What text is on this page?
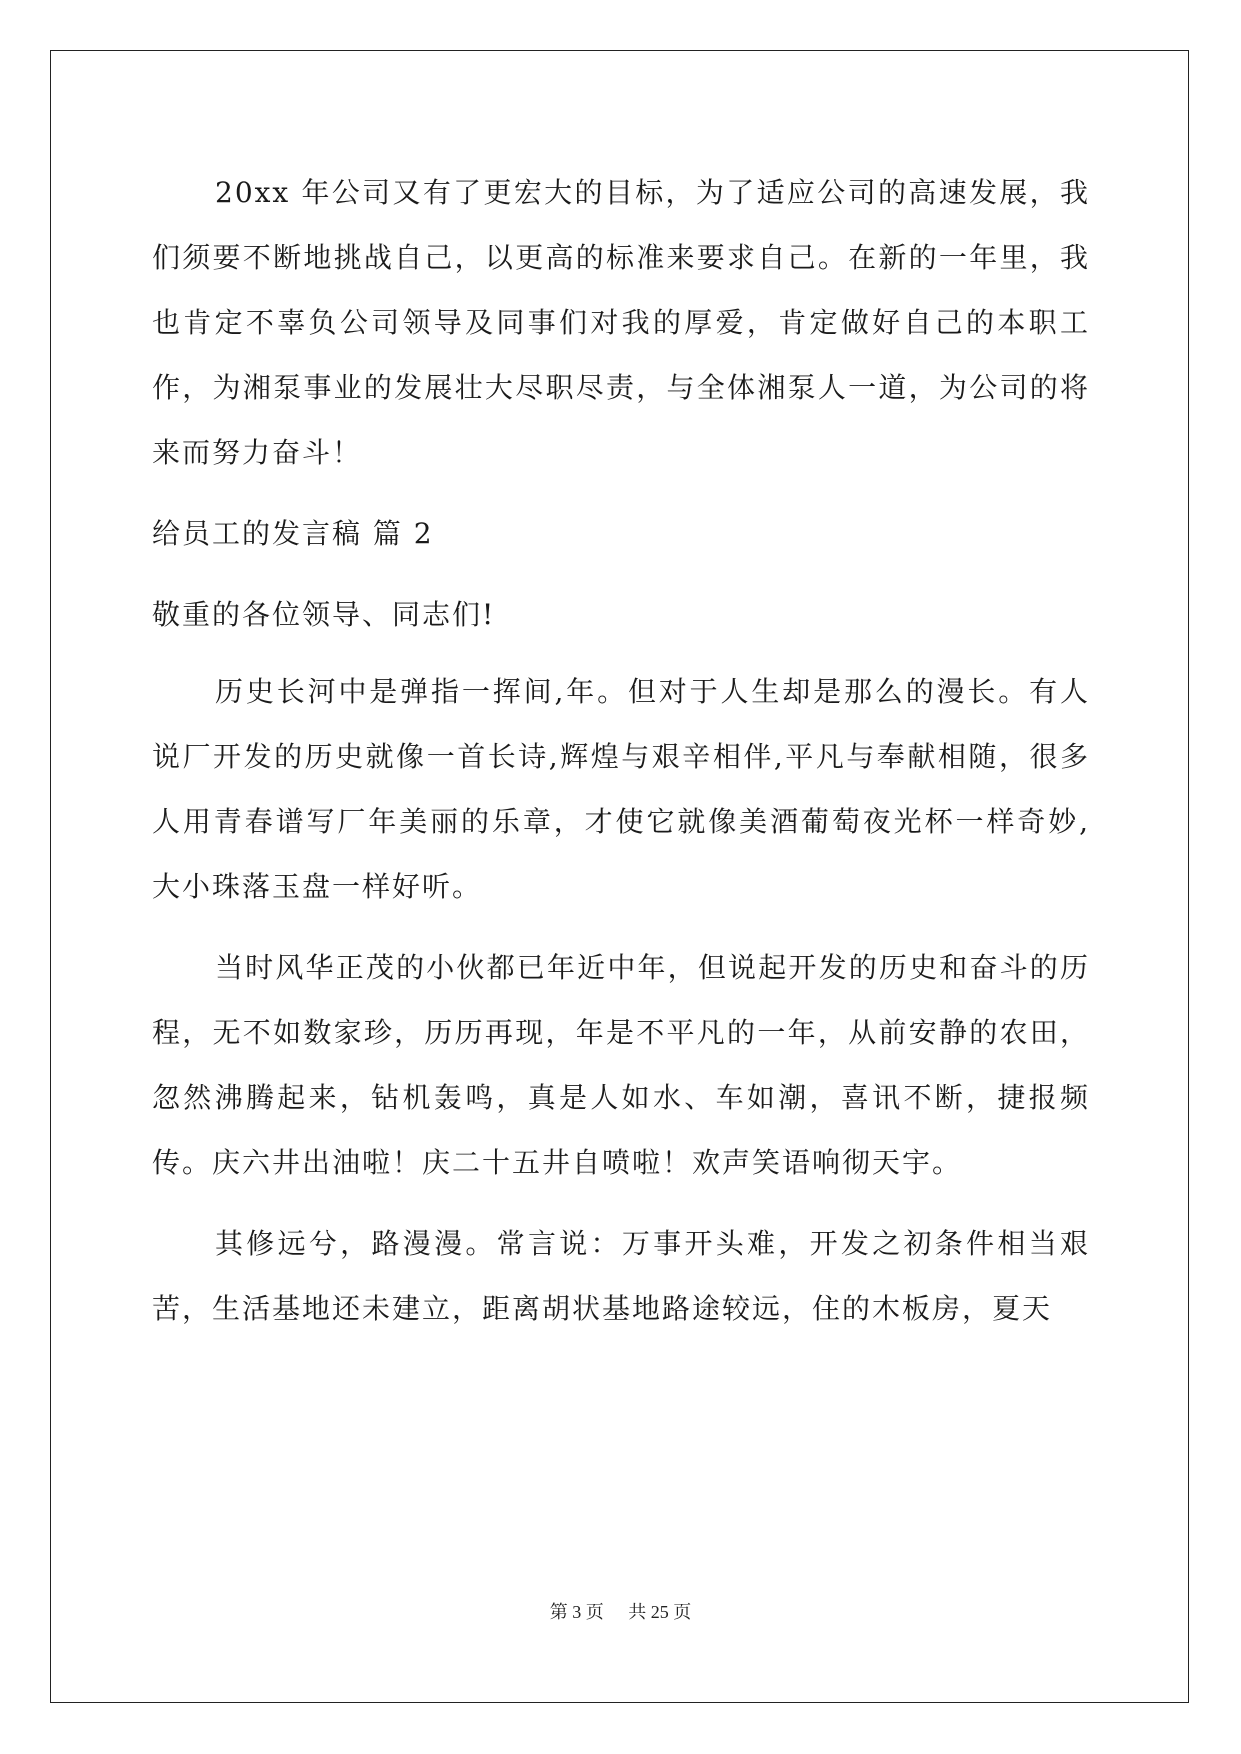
20xx 年公司又有了更宏大的目标，为了适应公司的高速发展，我们须要不断地挑战自己，以更高的标准来要求自己。在新的一年里，我也肯定不辜负公司领导及同事们对我的厚爱，肯定做好自己的本职工作，为湘泵事业的发展壮大尽职尽责，与全体湘泵人一道，为公司的将来而努力奋斗！

给员工的发言稿 篇 2

敬重的各位领导、同志们!

历史长河中是弹指一挥间,年。但对于人生却是那么的漫长。有人说厂开发的历史就像一首长诗,辉煌与艰辛相伴,平凡与奉献相随，很多人用青春谱写厂年美丽的乐章，才使它就像美酒葡萄夜光杯一样奇妙,大小珠落玉盘一样好听。

当时风华正茂的小伙都已年近中年，但说起开发的历史和奋斗的历程，无不如数家珍，历历再现，年是不平凡的一年，从前安静的农田，忽然沸腾起来，钻机轰鸣，真是人如水、车如潮，喜讯不断，捷报频传。庆六井出油啦！庆二十五井自喷啦！欢声笑语响彻天宇。

其修远兮，路漫漫。常言说：万事开头难，开发之初条件相当艰苦，生活基地还未建立，距离胡状基地路途较远，住的木板房，夏天

第 3 页 共 25 页
